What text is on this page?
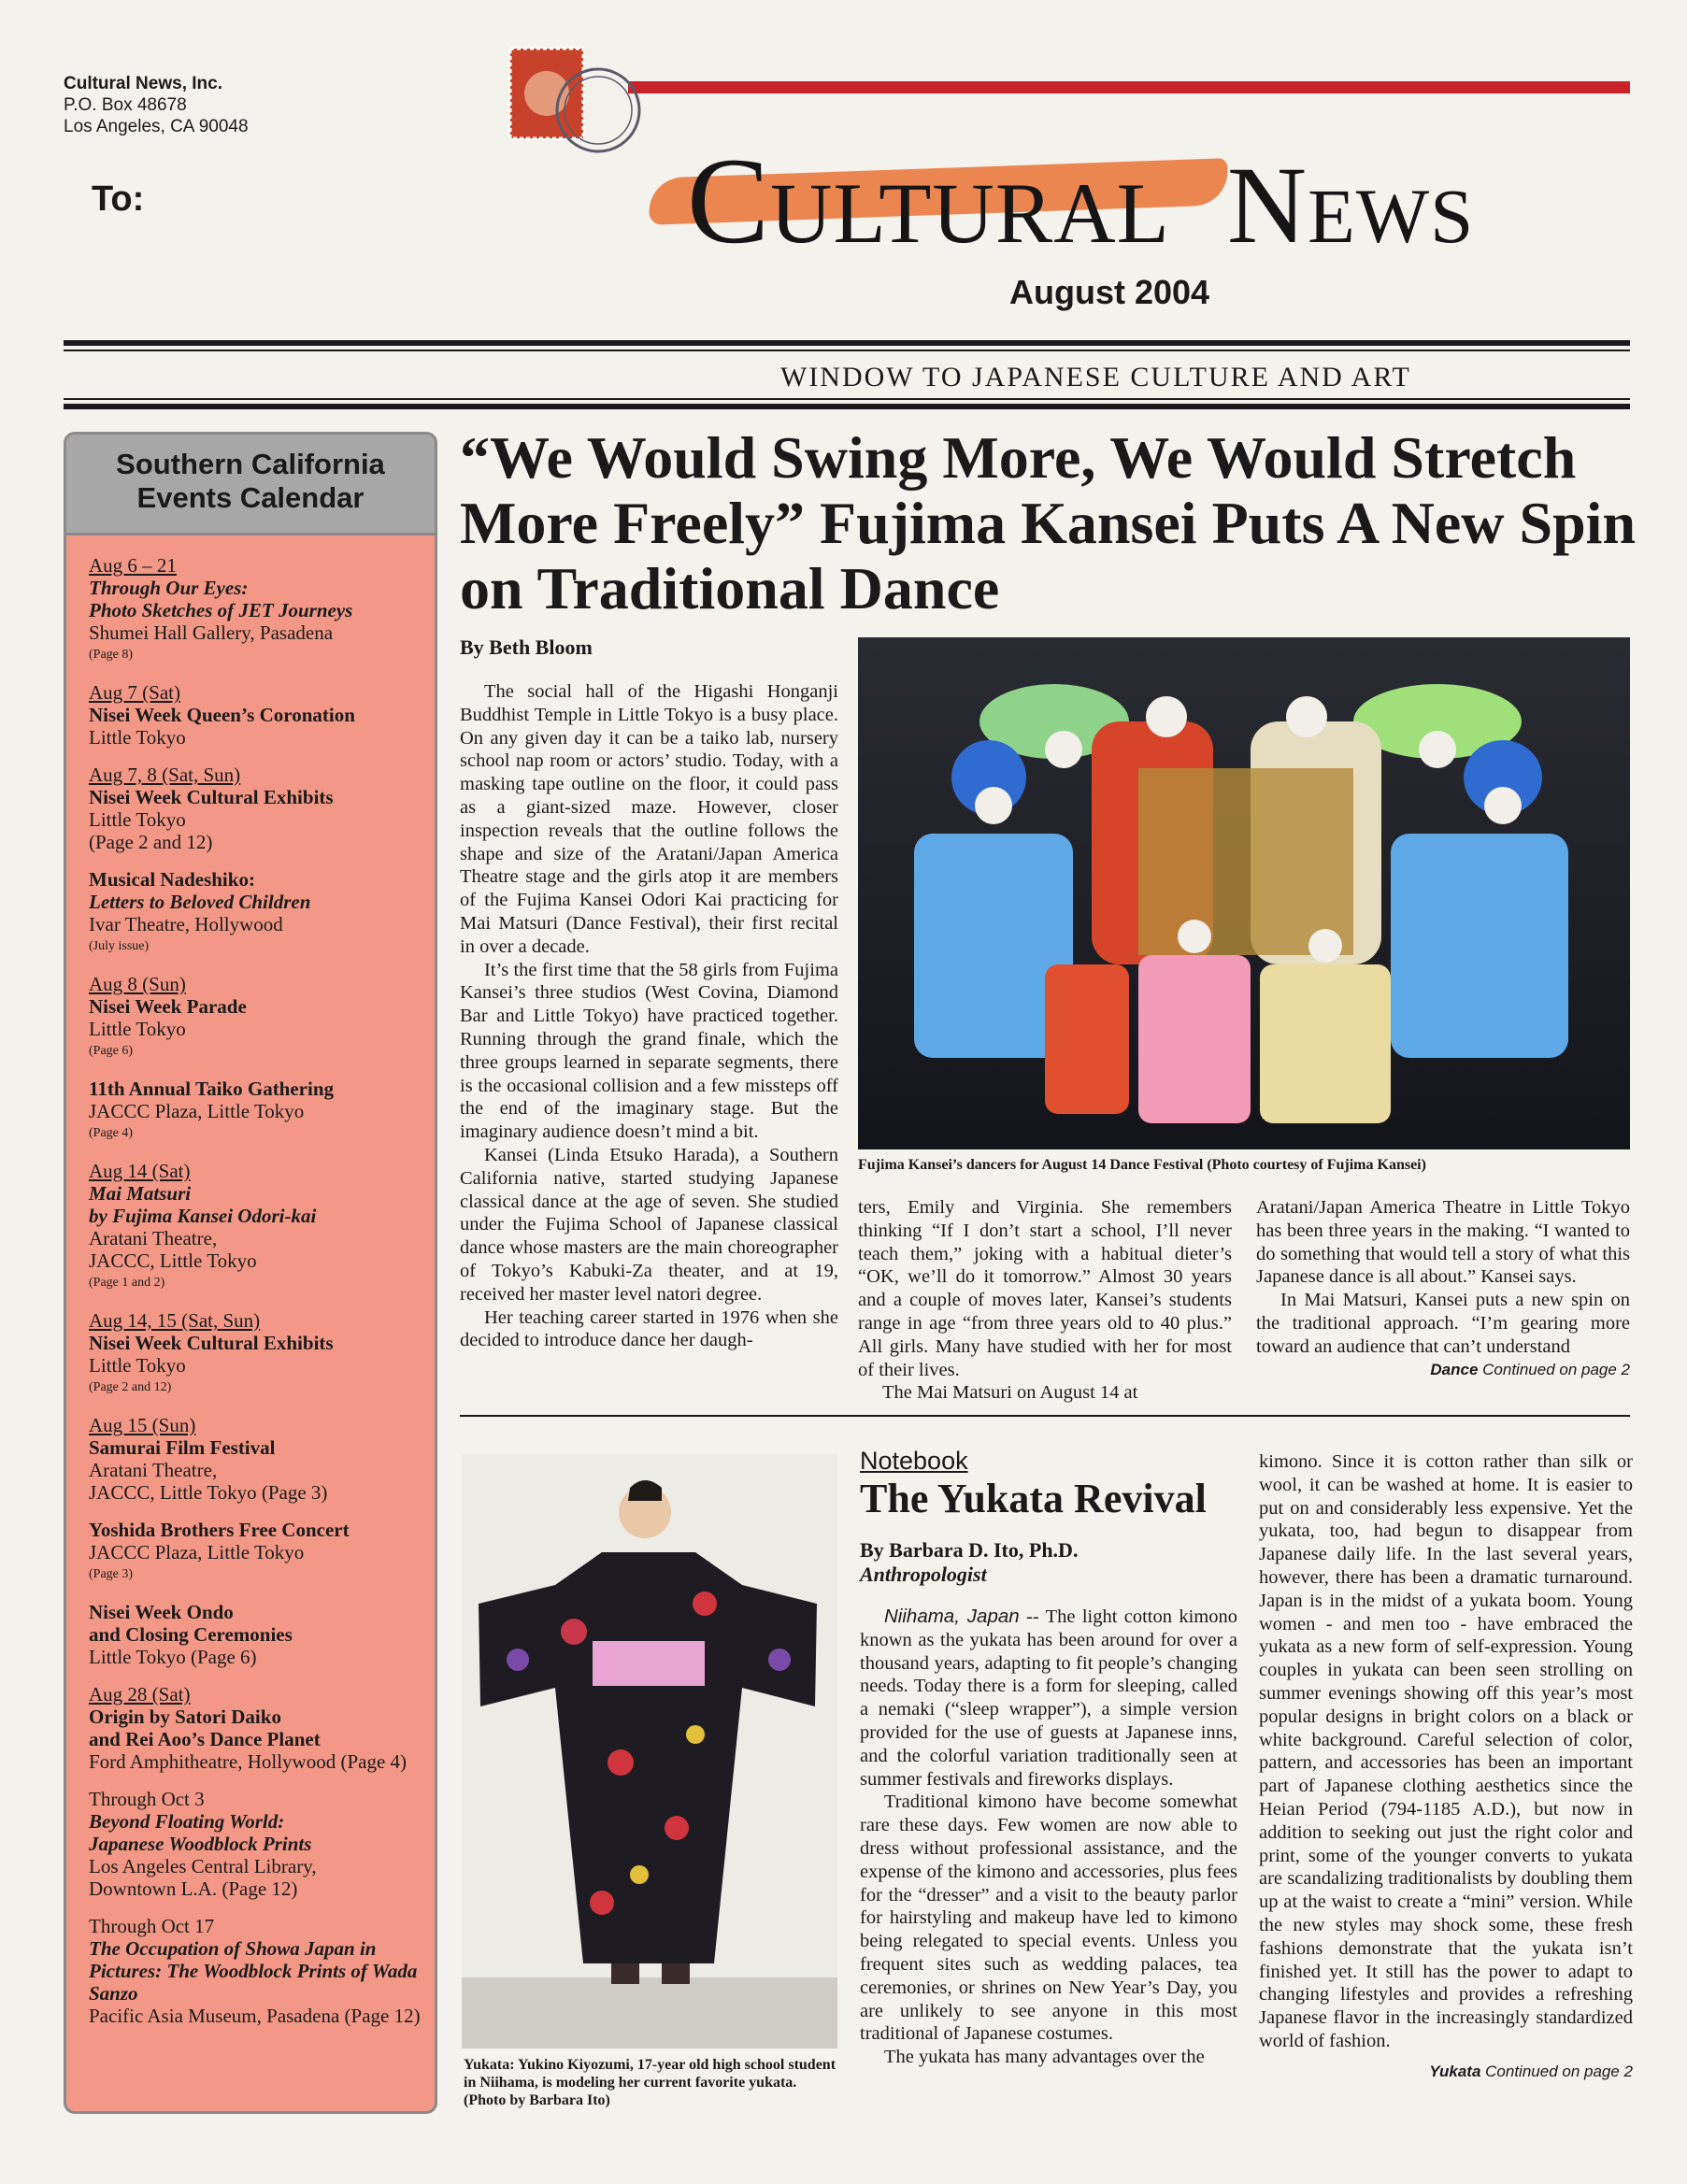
Cultural News, Inc.
P.O. Box 48678
Los Angeles, CA 90048
To:	Cultural News
August 2004
WINDOW TO JAPANESE CULTURE AND ART
Southern California
Events Calendar
Aug 6 – 21
Through Our Eyes:
Photo Sketches of JET Journeys
Shumei Hall Gallery, Pasadena
(Page 8)
Aug 7 (Sat)
Nisei Week Queen’s Coronation
Little Tokyo
Aug 7, 8 (Sat, Sun)
Nisei Week Cultural Exhibits
Little Tokyo
(Page 2 and 12)
Musical Nadeshiko:
Letters to Beloved Children
Ivar Theatre, Hollywood
(July issue)
Aug 8 (Sun)
Nisei Week Parade
Little Tokyo
(Page 6)
11th Annual Taiko Gathering
JACCC Plaza, Little Tokyo
(Page 4)
Aug 14 (Sat)
Mai Matsuri
by Fujima Kansei Odori-kai
Aratani Theatre,
JACCC, Little Tokyo
(Page 1 and 2)
Aug 14, 15 (Sat, Sun)
Nisei Week Cultural Exhibits
Little Tokyo
(Page 2 and 12)
Aug 15 (Sun)
Samurai Film Festival
Aratani Theatre,
JACCC, Little Tokyo (Page 3)
Yoshida Brothers Free Concert
JACCC Plaza, Little Tokyo
(Page 3)
Nisei Week Ondo
and Closing Ceremonies
Little Tokyo (Page 6)
Aug 28 (Sat)
Origin by Satori Daiko
and Rei Aoo’s Dance Planet
Ford Amphitheatre, Hollywood (Page 4)
Through Oct 3
Beyond Floating World:
Japanese Woodblock Prints
Los Angeles Central Library,
Downtown L.A. (Page 12)
Through Oct 17
The Occupation of Showa Japan in Pictures: The Woodblock Prints of Wada Sanzo
Pacific Asia Museum, Pasadena (Page 12)
“We Would Swing More, We Would Stretch More Freely” Fujima Kansei Puts A New Spin on Traditional Dance
By Beth Bloom
Fujima Kansei’s dancers for August 14 Dance Festival (Photo courtesy of Fujima Kansei)

The social hall of the Higashi Honganji Buddhist Temple in Little Tokyo is a busy place. On any given day it can be a taiko lab, nursery school nap room or actors’ studio. Today, with a masking tape outline on the floor, it could pass as a giant-sized maze. However, closer inspection reveals that the outline follows the shape and size of the Aratani/Japan America Theatre stage and the girls atop it are members of the Fujima Kansei Odori Kai practicing for Mai Matsuri (Dance Festival), their first recital in over a decade.

It’s the first time that the 58 girls from Fujima Kansei’s three studios (West Covina, Diamond Bar and Little Tokyo) have practiced together. Running through the grand finale, which the three groups learned in separate segments, there is the occasional collision and a few missteps off the end of the imaginary stage. But the imaginary audience doesn’t mind a bit.

Kansei (Linda Etsuko Harada), a Southern California native, started studying Japanese classical dance at the age of seven. She studied under the Fujima School of Japanese classical dance whose masters are the main choreographer of Tokyo’s Kabuki-Za theater, and at 19, received her master level natori degree.

Her teaching career started in 1976 when she decided to introduce dance her daugh-

ters, Emily and Virginia. She remembers thinking “If I don’t start a school, I’ll never teach them,” joking with a habitual dieter’s “OK, we’ll do it tomorrow.” Almost 30 years and a couple of moves later, Kansei’s students range in age “from three years old to 40 plus.” All girls. Many have studied with her for most of their lives.

The Mai Matsuri on August 14 at

Aratani/Japan America Theatre in Little Tokyo has been three years in the making. “I wanted to do something that would tell a story of what this Japanese dance is all about.” Kansei says.

In Mai Matsuri, Kansei puts a new spin on the traditional approach. “I’m gearing more toward an audience that can’t understand

Dance Continued on page 2

Yukata: Yukino Kiyozumi, 17-year old high school student in Niihama, is modeling her current favorite yukata. (Photo by Barbara Ito)
Notebook
The Yukata Revival
By Barbara D. Ito, Ph.D.
Anthropologist

Niihama, Japan -- The light cotton kimono known as the yukata has been around for over a thousand years, adapting to fit people’s changing needs. Today there is a form for sleeping, called a nemaki (“sleep wrapper”), a simple version provided for the use of guests at Japanese inns, and the colorful variation traditionally seen at summer festivals and fireworks displays.

Traditional kimono have become somewhat rare these days. Few women are now able to dress without professional assistance, and the expense of the kimono and accessories, plus fees for the “dresser” and a visit to the beauty parlor for hairstyling and makeup have led to kimono being relegated to special events. Unless you frequent sites such as wedding palaces, tea ceremonies, or shrines on New Year’s Day, you are unlikely to see anyone in this most traditional of Japanese costumes.

The yukata has many advantages over the

kimono. Since it is cotton rather than silk or wool, it can be washed at home. It is easier to put on and considerably less expensive. Yet the yukata, too, had begun to disappear from Japanese daily life. In the last several years, however, there has been a dramatic turnaround. Japan is in the midst of a yukata boom. Young women - and men too - have embraced the yukata as a new form of self-expression. Young couples in yukata can been seen strolling on summer evenings showing off this year’s most popular designs in bright colors on a black or white background. Careful selection of color, pattern, and accessories has been an important part of Japanese clothing aesthetics since the Heian Period (794-1185 A.D.), but now in addition to seeking out just the right color and print, some of the younger converts to yukata are scandalizing traditionalists by doubling them up at the waist to create a “mini” version. While the new styles may shock some, these fresh fashions demonstrate that the yukata isn’t finished yet. It still has the power to adapt to changing lifestyles and provides a refreshing Japanese flavor in the increasingly standardized world of fashion.

Yukata Continued on page 2
